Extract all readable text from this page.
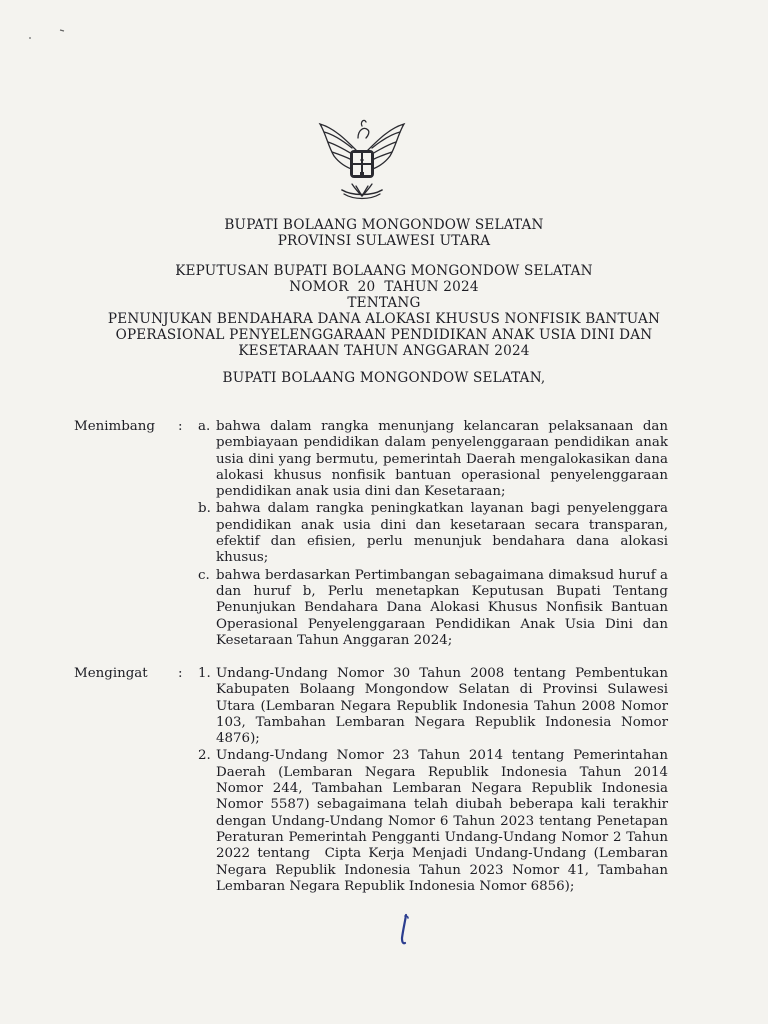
BUPATI BOLAANG MONGONDOW SELATAN
PROVINSI SULAWESI UTARA
KEPUTUSAN BUPATI BOLAANG MONGONDOW SELATAN
NOMOR  20  TAHUN 2024
TENTANG
PENUNJUKAN BENDAHARA DANA ALOKASI KHUSUS NONFISIK BANTUAN
OPERASIONAL PENYELENGGARAAN PENDIDIKAN ANAK USIA DINI DAN
KESETARAAN TAHUN ANGGARAN 2024
BUPATI BOLAANG MONGONDOW SELATAN,
Menimbang	: a. bahwa dalam rangka menunjang kelancaran pelaksanaan dan pembiayaan pendidikan dalam penyelenggaraan pendidikan anak usia dini yang bermutu, pemerintah Daerah mengalokasikan dana alokasi khusus nonfisik bantuan operasional penyelenggaraan pendidikan anak usia dini dan Kesetaraan;
b. bahwa dalam rangka peningkatkan layanan bagi penyelenggara pendidikan anak usia dini dan kesetaraan secara transparan, efektif dan efisien, perlu menunjuk bendahara dana alokasi khusus;
c. bahwa berdasarkan Pertimbangan sebagaimana dimaksud huruf a dan huruf b, Perlu menetapkan Keputusan Bupati Tentang Penunjukan Bendahara Dana Alokasi Khusus Nonfisik Bantuan Operasional Penyelenggaraan Pendidikan Anak Usia Dini dan Kesetaraan Tahun Anggaran 2024;
Mengingat	: 1. Undang-Undang Nomor 30 Tahun 2008 tentang Pembentukan Kabupaten Bolaang Mongondow Selatan di Provinsi Sulawesi Utara (Lembaran Negara Republik Indonesia Tahun 2008 Nomor 103, Tambahan Lembaran Negara Republik Indonesia Nomor 4876);
2. Undang-Undang Nomor 23 Tahun 2014 tentang Pemerintahan Daerah (Lembaran Negara Republik Indonesia Tahun 2014 Nomor 244, Tambahan Lembaran Negara Republik Indonesia Nomor 5587) sebagaimana telah diubah beberapa kali terakhir dengan Undang-Undang Nomor 6 Tahun 2023 tentang Penetapan Peraturan Pemerintah Pengganti Undang-Undang Nomor 2 Tahun 2022 tentang  Cipta Kerja Menjadi Undang-Undang (Lembaran Negara Republik Indonesia Tahun 2023 Nomor 41, Tambahan Lembaran Negara Republik Indonesia Nomor 6856);
